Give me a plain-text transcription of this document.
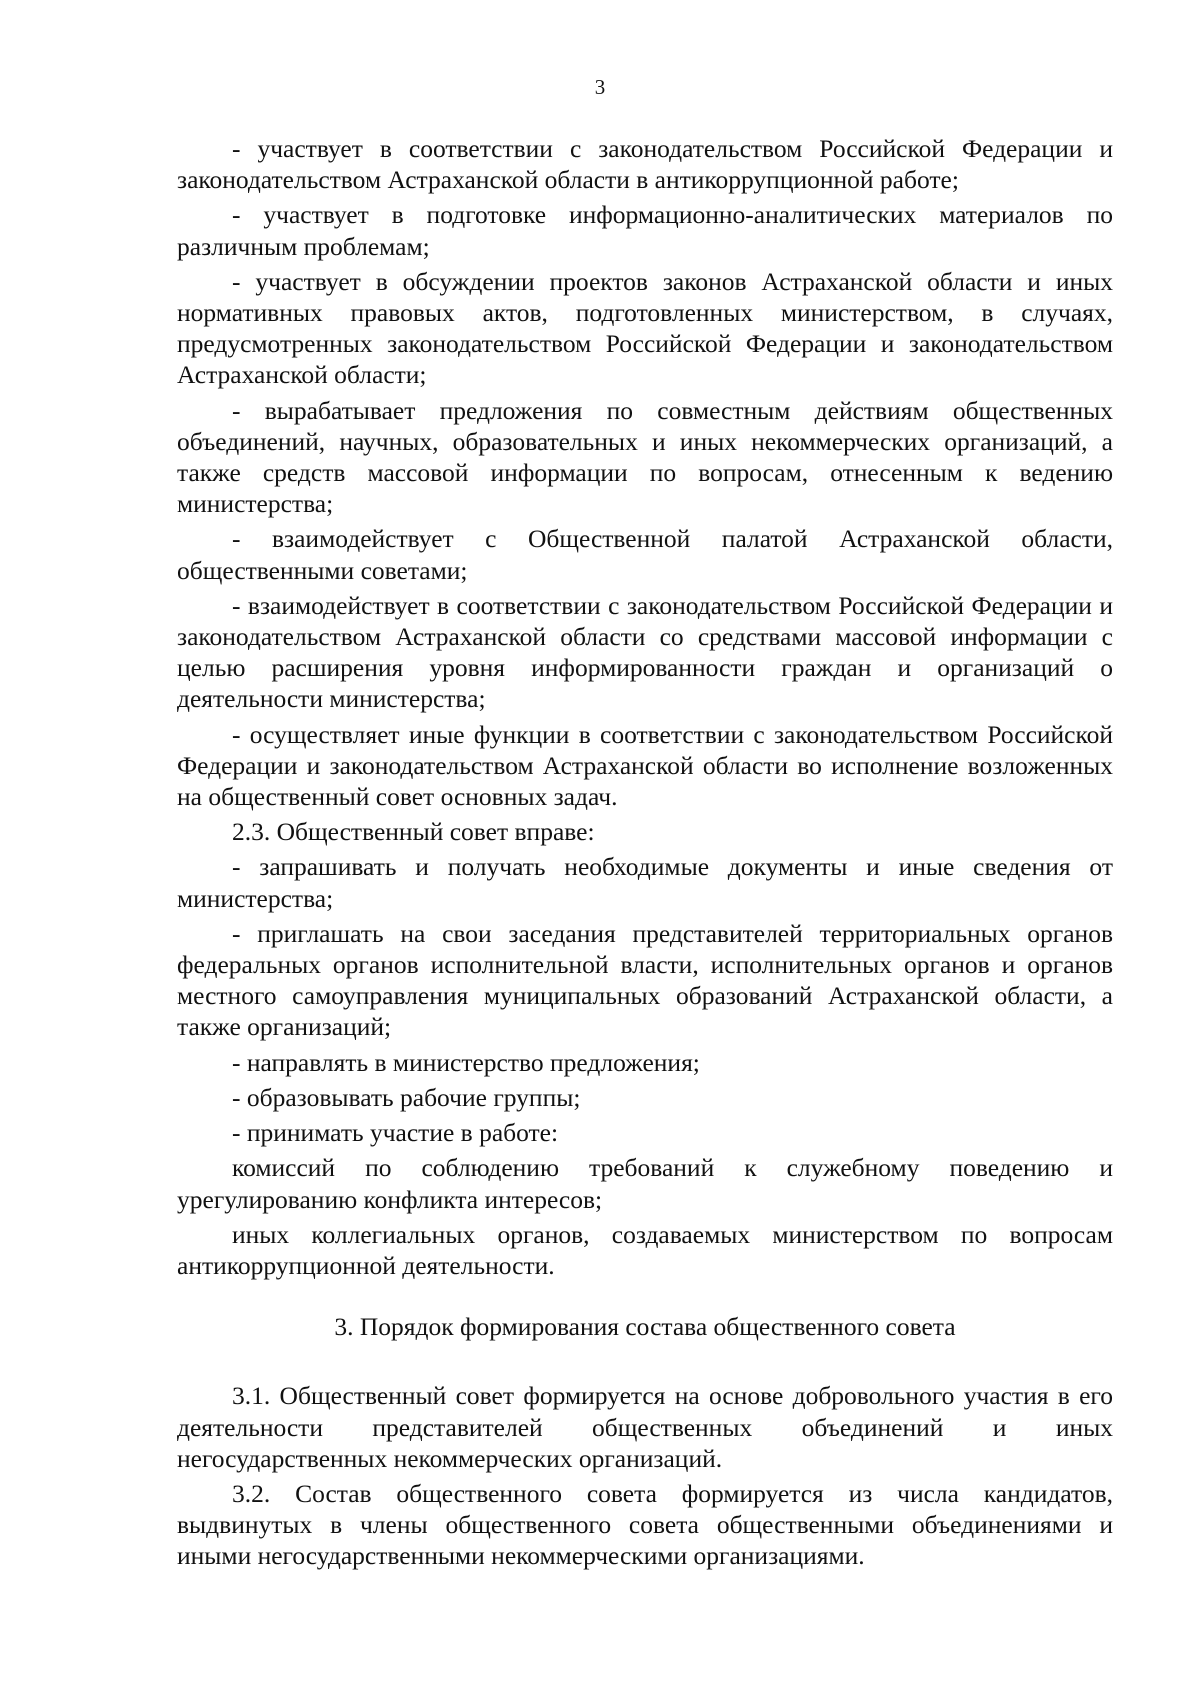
3

- участвует в соответствии с законодательством Российской Федерации и законодательством Астраханской области в антикоррупционной работе;

- участвует в подготовке информационно-аналитических материалов по различным проблемам;

- участвует в обсуждении проектов законов Астраханской области и иных нормативных правовых актов, подготовленных министерством, в случаях, предусмотренных законодательством Российской Федерации и законодательством Астраханской области;

- вырабатывает предложения по совместным действиям общественных объединений, научных, образовательных и иных некоммерческих организаций, а также средств массовой информации по вопросам, отнесенным к ведению министерства;

- взаимодействует с Общественной палатой Астраханской области, общественными советами;

- взаимодействует в соответствии с законодательством Российской Федерации и законодательством Астраханской области со средствами массовой информации с целью расширения уровня информированности граждан и организаций о деятельности министерства;

- осуществляет иные функции в соответствии с законодательством Российской Федерации и законодательством Астраханской области во исполнение возложенных на общественный совет основных задач.

2.3. Общественный совет вправе:

- запрашивать и получать необходимые документы и иные сведения от министерства;

- приглашать на свои заседания представителей территориальных органов федеральных органов исполнительной власти, исполнительных органов и органов местного самоуправления муниципальных образований Астраханской области, а также организаций;

- направлять в министерство предложения;

- образовывать рабочие группы;

- принимать участие в работе:

комиссий по соблюдению требований к служебному поведению и урегулированию конфликта интересов;

иных коллегиальных органов, создаваемых министерством по вопросам антикоррупционной деятельности.

3. Порядок формирования состава общественного совета

3.1. Общественный совет формируется на основе добровольного участия в его деятельности представителей общественных объединений и иных негосударственных некоммерческих организаций.

3.2. Состав общественного совета формируется из числа кандидатов, выдвинутых в члены общественного совета общественными объединениями и иными негосударственными некоммерческими организациями.
